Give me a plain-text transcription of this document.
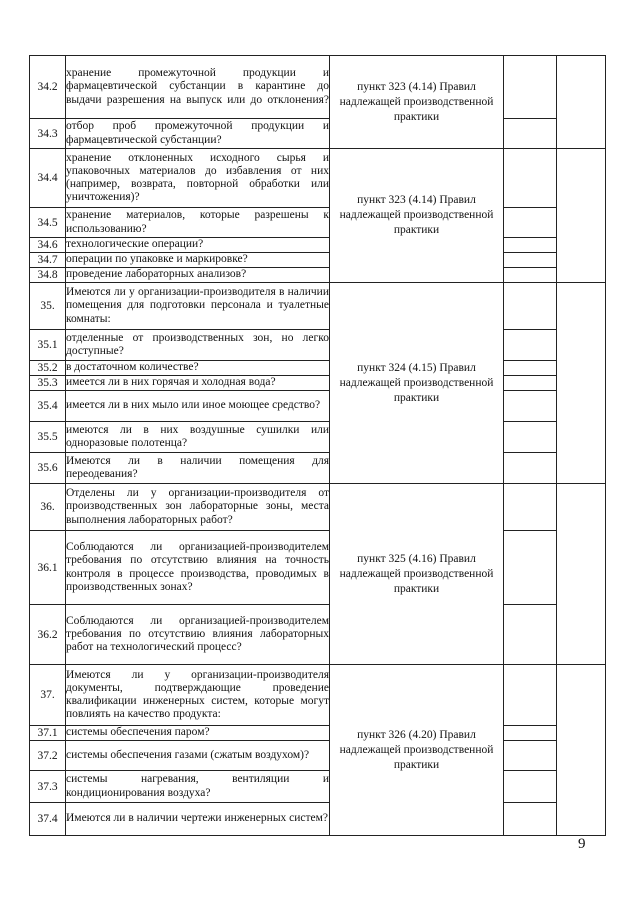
34.2	хранение промежуточной продукции и фармацевтической субстанции в карантине до выдачи разрешения на выпуск или до отклонения?	пункт 323 (4.14) Правил надлежащей производственной практики		
34.3	отбор проб промежуточной продукции и фармацевтической субстанции?			
34.4	хранение отклоненных исходного сырья и упаковочных материалов до избавления от них (например, возврата, повторной обработки или уничтожения)?	пункт 323 (4.14) Правил надлежащей производственной практики		
34.5	хранение материалов, которые разрешены к использованию?			
34.6	технологические операции?			
34.7	операции по упаковке и маркировке?			
34.8	проведение лабораторных анализов?			
35.	Имеются ли у организации-производителя в наличии помещения для подготовки персонала и туалетные комнаты:	пункт 324 (4.15) Правил надлежащей производственной практики		
35.1	отделенные от производственных зон, но легко доступные?			
35.2	в достаточном количестве?			
35.3	имеется ли в них горячая и холодная вода?			
35.4	имеется ли в них мыло или иное моющее средство?			
35.5	имеются ли в них воздушные сушилки или одноразовые полотенца?			
35.6	Имеются ли в наличии помещения для переодевания?			
36.	Отделены ли у организации-производителя от производственных зон лабораторные зоны, места выполнения лабораторных работ?	пункт 325 (4.16) Правил надлежащей производственной практики		
36.1	Соблюдаются ли организацией-производителем требования по отсутствию влияния на точность контроля в процессе производства, проводимых в производственных зонах?			
36.2	Соблюдаются ли организацией-производителем требования по отсутствию влияния лабораторных работ на технологический процесс?			
37.	Имеются ли у организации-производителя документы, подтверждающие проведение квалификации инженерных систем, которые могут повлиять на качество продукта:	пункт 326 (4.20) Правил надлежащей производственной практики		
37.1	системы обеспечения паром?			
37.2	системы обеспечения газами (сжатым воздухом)?			
37.3	системы нагревания, вентиляции и кондиционирования воздуха?			
37.4	Имеются ли в наличии чертежи инженерных систем?			
9
